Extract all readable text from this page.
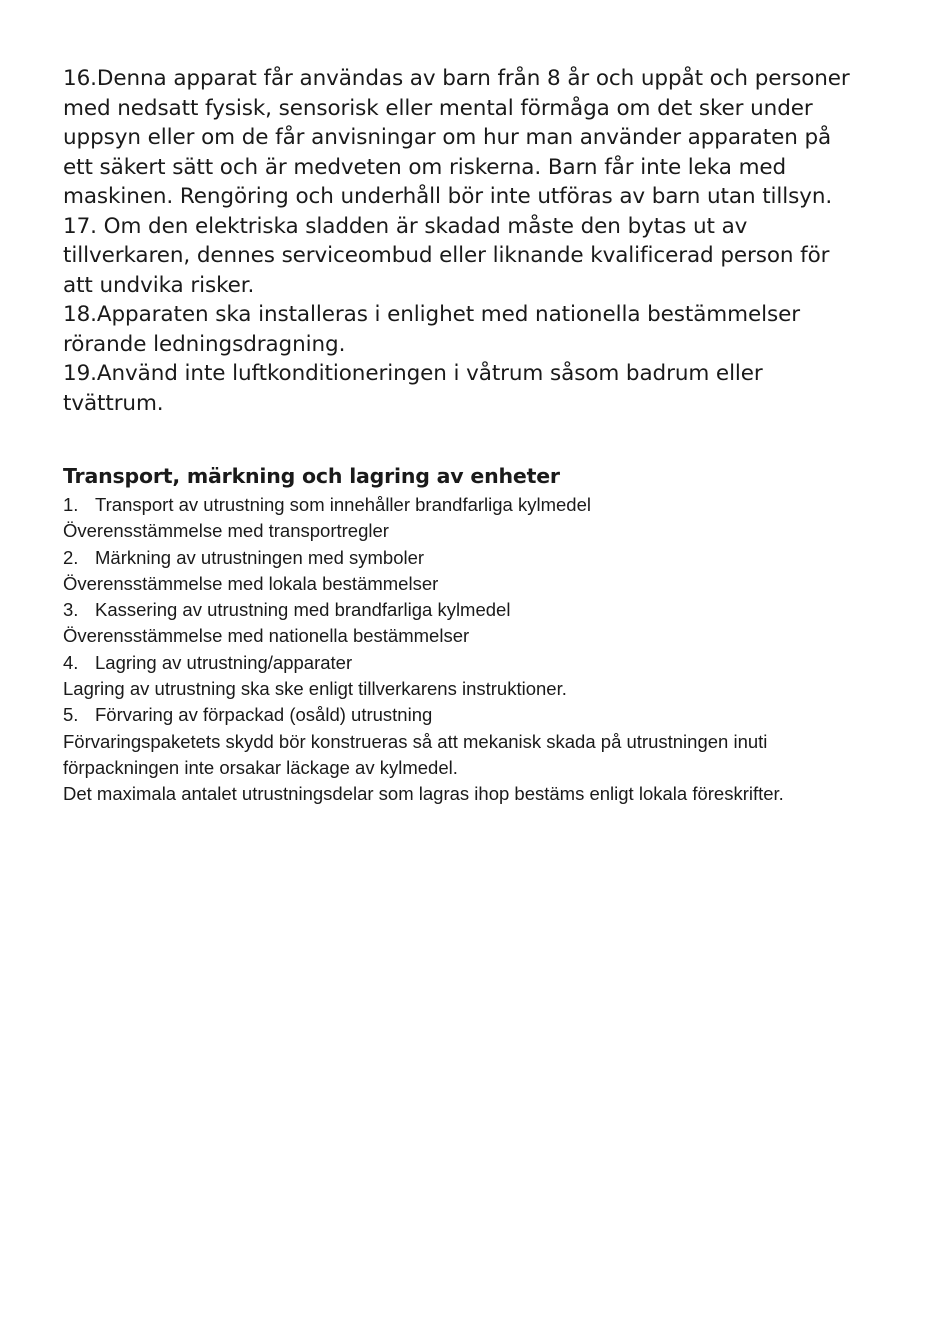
16.Denna apparat får användas av barn från 8 år och uppåt och personer med nedsatt fysisk, sensorisk eller mental förmåga om det sker under uppsyn eller om de får anvisningar om hur man använder apparaten på ett säkert sätt och är medveten om riskerna. Barn får inte leka med maskinen. Rengöring och underhåll bör inte utföras av barn utan tillsyn.

17. Om den elektriska sladden är skadad måste den bytas ut av tillverkaren, dennes serviceombud eller liknande kvalificerad person för att undvika risker.

18.Apparaten ska installeras i enlighet med nationella bestämmelser rörande ledningsdragning.

19.Använd inte luftkonditioneringen i våtrum såsom badrum eller tvättrum.

Transport, märkning och lagring av enheter

1. Transport av utrustning som innehåller brandfarliga kylmedel

Överensstämmelse med transportregler

2. Märkning av utrustningen med symboler

Överensstämmelse med lokala bestämmelser

3. Kassering av utrustning med brandfarliga kylmedel

Överensstämmelse med nationella bestämmelser

4. Lagring av utrustning/apparater

Lagring av utrustning ska ske enligt tillverkarens instruktioner.

5. Förvaring av förpackad (osåld) utrustning

Förvaringspaketets skydd bör konstrueras så att mekanisk skada på utrustningen inuti förpackningen inte orsakar läckage av kylmedel.

Det maximala antalet utrustningsdelar som lagras ihop bestäms enligt lokala föreskrifter.
